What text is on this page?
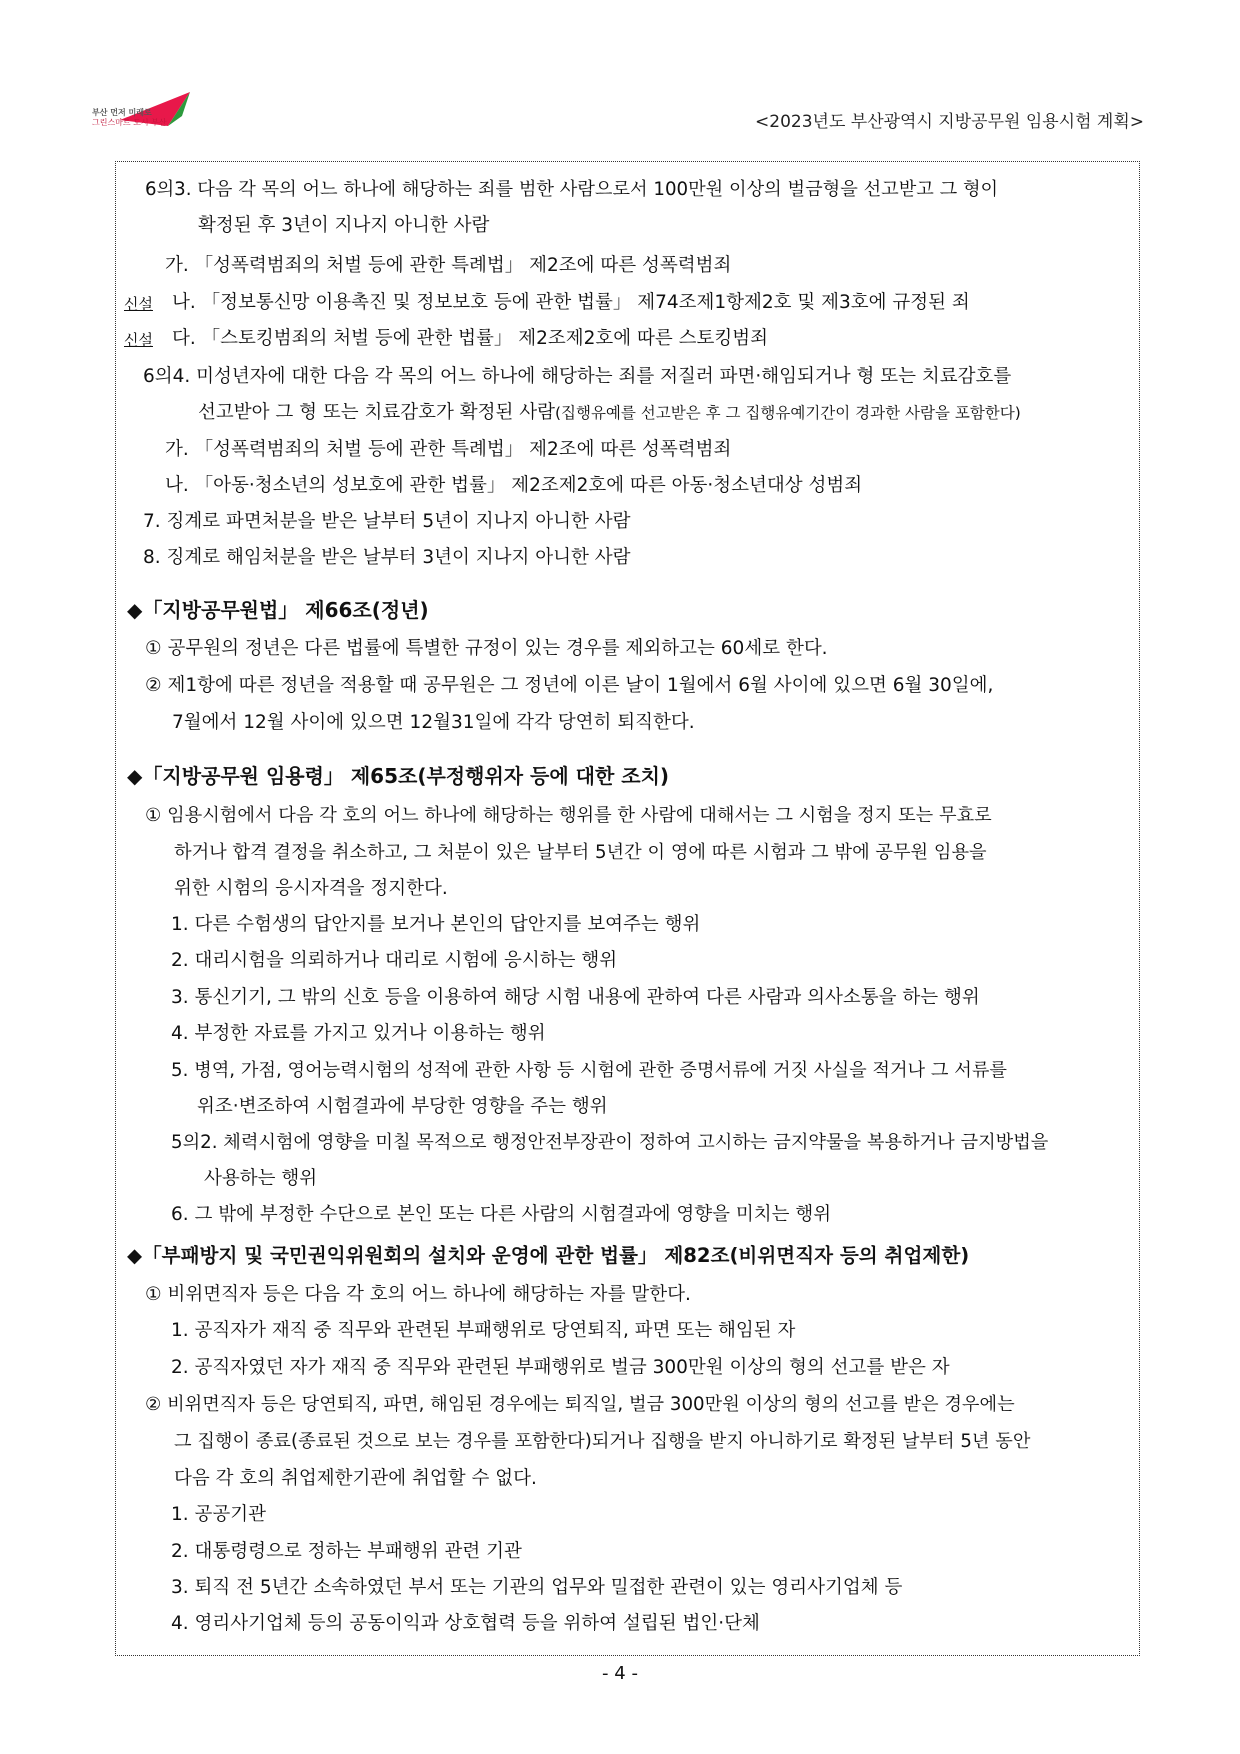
부산 먼저 미래로
그린스마트 도시 부산	<2023년도 부산광역시 지방공무원 임용시험 계획>
6의3. 다음 각 목의 어느 하나에 해당하는 죄를 범한 사람으로서 100만원 이상의 벌금형을 선고받고 그 형이
확정된 후 3년이 지나지 아니한 사람
가. 「성폭력범죄의 처벌 등에 관한 특례법」 제2조에 따른 성폭력범죄
신설 나. 「정보통신망 이용촉진 및 정보보호 등에 관한 법률」 제74조제1항제2호 및 제3호에 규정된 죄
신설 다. 「스토킹범죄의 처벌 등에 관한 법률」 제2조제2호에 따른 스토킹범죄
6의4. 미성년자에 대한 다음 각 목의 어느 하나에 해당하는 죄를 저질러 파면·해임되거나 형 또는 치료감호를
선고받아 그 형 또는 치료감호가 확정된 사람(집행유예를 선고받은 후 그 집행유예기간이 경과한 사람을 포함한다)
가. 「성폭력범죄의 처벌 등에 관한 특례법」 제2조에 따른 성폭력범죄
나. 「아동·청소년의 성보호에 관한 법률」 제2조제2호에 따른 아동·청소년대상 성범죄
7. 징계로 파면처분을 받은 날부터 5년이 지나지 아니한 사람
8. 징계로 해임처분을 받은 날부터 3년이 지나지 아니한 사람
◆「지방공무원법」 제66조(정년)
① 공무원의 정년은 다른 법률에 특별한 규정이 있는 경우를 제외하고는 60세로 한다.
② 제1항에 따른 정년을 적용할 때 공무원은 그 정년에 이른 날이 1월에서 6월 사이에 있으면 6월 30일에,
7월에서 12월 사이에 있으면 12월31일에 각각 당연히 퇴직한다.
◆「지방공무원 임용령」 제65조(부정행위자 등에 대한 조치)
① 임용시험에서 다음 각 호의 어느 하나에 해당하는 행위를 한 사람에 대해서는 그 시험을 정지 또는 무효로
하거나 합격 결정을 취소하고, 그 처분이 있은 날부터 5년간 이 영에 따른 시험과 그 밖에 공무원 임용을
위한 시험의 응시자격을 정지한다.
1. 다른 수험생의 답안지를 보거나 본인의 답안지를 보여주는 행위
2. 대리시험을 의뢰하거나 대리로 시험에 응시하는 행위
3. 통신기기, 그 밖의 신호 등을 이용하여 해당 시험 내용에 관하여 다른 사람과 의사소통을 하는 행위
4. 부정한 자료를 가지고 있거나 이용하는 행위
5. 병역, 가점, 영어능력시험의 성적에 관한 사항 등 시험에 관한 증명서류에 거짓 사실을 적거나 그 서류를
위조·변조하여 시험결과에 부당한 영향을 주는 행위
5의2. 체력시험에 영향을 미칠 목적으로 행정안전부장관이 정하여 고시하는 금지약물을 복용하거나 금지방법을
사용하는 행위
6. 그 밖에 부정한 수단으로 본인 또는 다른 사람의 시험결과에 영향을 미치는 행위
◆「부패방지 및 국민권익위원회의 설치와 운영에 관한 법률」 제82조(비위면직자 등의 취업제한)
① 비위면직자 등은 다음 각 호의 어느 하나에 해당하는 자를 말한다.
1. 공직자가 재직 중 직무와 관련된 부패행위로 당연퇴직, 파면 또는 해임된 자
2. 공직자였던 자가 재직 중 직무와 관련된 부패행위로 벌금 300만원 이상의 형의 선고를 받은 자
② 비위면직자 등은 당연퇴직, 파면, 해임된 경우에는 퇴직일, 벌금 300만원 이상의 형의 선고를 받은 경우에는
그 집행이 종료(종료된 것으로 보는 경우를 포함한다)되거나 집행을 받지 아니하기로 확정된 날부터 5년 동안
다음 각 호의 취업제한기관에 취업할 수 없다.
1. 공공기관
2. 대통령령으로 정하는 부패행위 관련 기관
3. 퇴직 전 5년간 소속하였던 부서 또는 기관의 업무와 밀접한 관련이 있는 영리사기업체 등
4. 영리사기업체 등의 공동이익과 상호협력 등을 위하여 설립된 법인·단체
- 4 -
